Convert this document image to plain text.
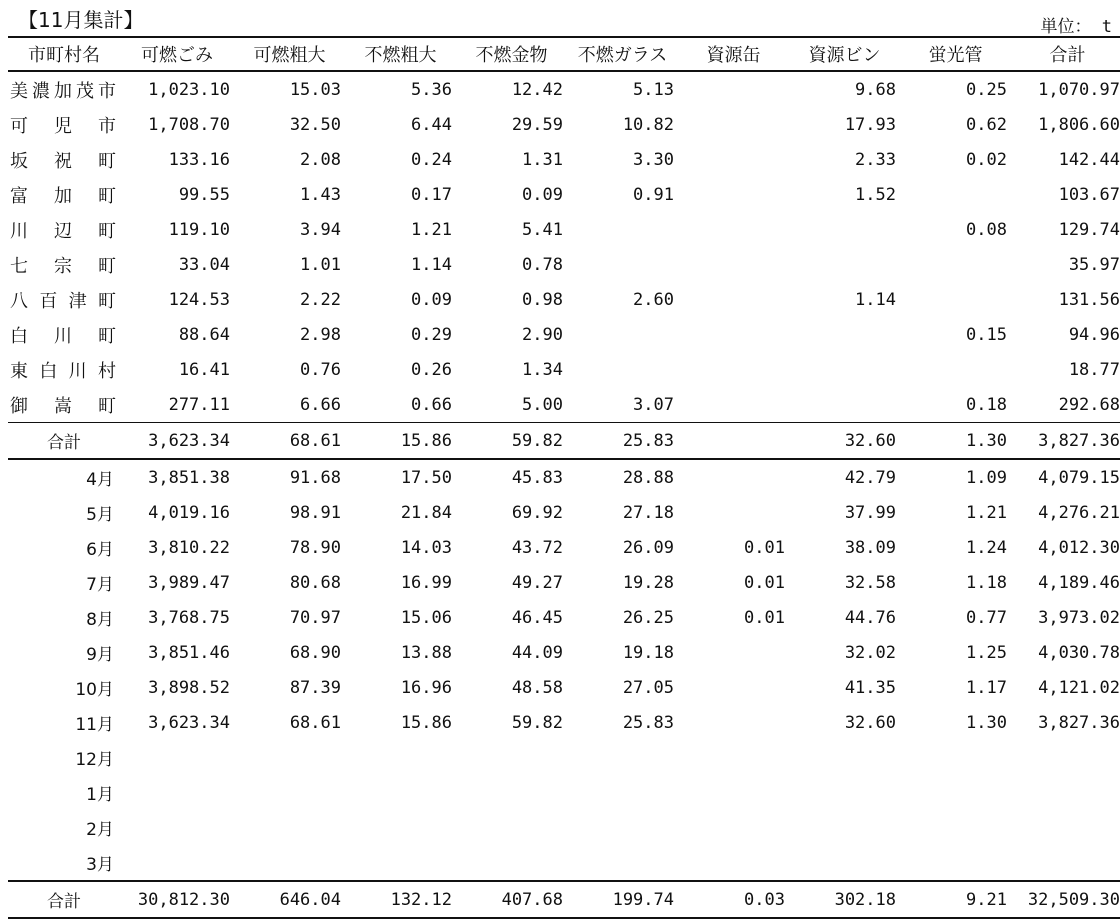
【11月集計】	単位： t
市町村名	可燃ごみ	可燃粗大	不燃粗大	不燃金物	不燃ガラス	資源缶	資源ビン	蛍光管	合計
美濃加茂市	1,023.10	15.03	5.36	12.42	5.13		9.68	0.25	1,070.97
可児市	1,708.70	32.50	6.44	29.59	10.82		17.93	0.62	1,806.60
坂祝町	133.16	2.08	0.24	1.31	3.30		2.33	0.02	142.44
富加町	99.55	1.43	0.17	0.09	0.91		1.52		103.67
川辺町	119.10	3.94	1.21	5.41				0.08	129.74
七宗町	33.04	1.01	1.14	0.78					35.97
八百津町	124.53	2.22	0.09	0.98	2.60		1.14		131.56
白川町	88.64	2.98	0.29	2.90				0.15	94.96
東白川村	16.41	0.76	0.26	1.34					18.77
御嵩町	277.11	6.66	0.66	5.00	3.07			0.18	292.68
合計	3,623.34	68.61	15.86	59.82	25.83		32.60	1.30	3,827.36
4月	3,851.38	91.68	17.50	45.83	28.88		42.79	1.09	4,079.15
5月	4,019.16	98.91	21.84	69.92	27.18		37.99	1.21	4,276.21
6月	3,810.22	78.90	14.03	43.72	26.09	0.01	38.09	1.24	4,012.30
7月	3,989.47	80.68	16.99	49.27	19.28	0.01	32.58	1.18	4,189.46
8月	3,768.75	70.97	15.06	46.45	26.25	0.01	44.76	0.77	3,973.02
9月	3,851.46	68.90	13.88	44.09	19.18		32.02	1.25	4,030.78
10月	3,898.52	87.39	16.96	48.58	27.05		41.35	1.17	4,121.02
11月	3,623.34	68.61	15.86	59.82	25.83		32.60	1.30	3,827.36
12月									
1月									
2月									
3月									
合計	30,812.30	646.04	132.12	407.68	199.74	0.03	302.18	9.21	32,509.30
